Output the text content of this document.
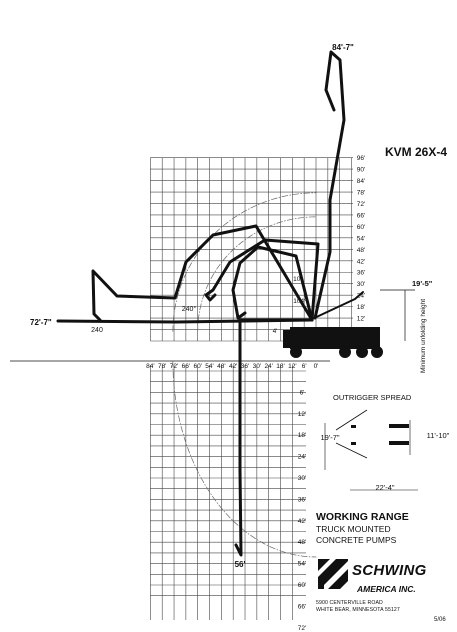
84' 78' 72' 66' 60' 54' 48' 42' 36' 30' 24' 18' 12' 6' 0'
96'
90'
84'
78'
72'
66'
60'
54'
48'
42'
36'
30'
24'
18'
12'
6'
12'
18'
24'
30'
36'
42'
48'
54'
60'
66'
72'
84'-7"
72'-7"
56'
19'-5"
240°
240
104°
10°
4'	Minimum unfolding height
19'-7"	11'-10"
22'-4"
KVM 26X-4
WORKING RANGE
TRUCK MOUNTED
CONCRETE PUMPS
SCHWING
AMERICA INC.
5900 CENTERVILLE ROAD
WHITE BEAR, MINNESOTA 55127
5/06
OUTRIGGER SPREAD
